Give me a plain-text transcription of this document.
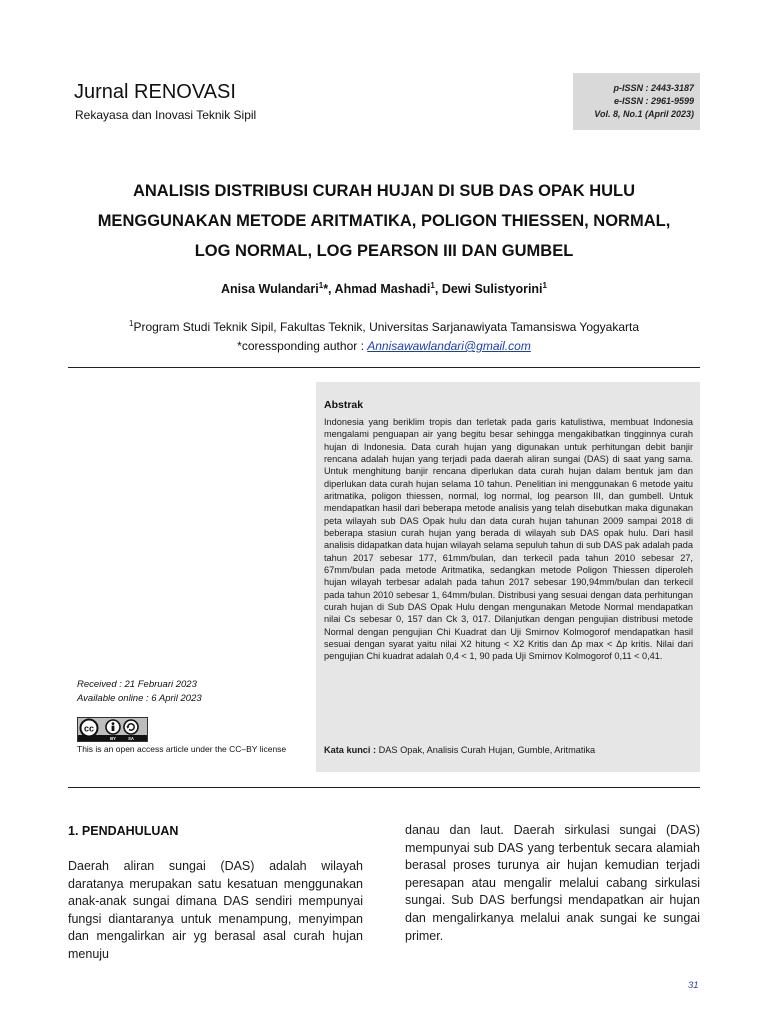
Jurnal RENOVASI
Rekayasa dan Inovasi Teknik Sipil
p-ISSN : 2443-3187
e-ISSN : 2961-9599
Vol. 8, No.1 (April 2023)
ANALISIS DISTRIBUSI CURAH HUJAN DI SUB DAS OPAK HULU
MENGGUNAKAN METODE ARITMATIKA, POLIGON THIESSEN, NORMAL,
LOG NORMAL, LOG PEARSON III DAN GUMBEL
Anisa Wulandari$^1$*, Ahmad Mashadi$^1$, Dewi Sulistyorini$^1$
$^1$Program Studi Teknik Sipil, Fakultas Teknik, Universitas Sarjanawiyata Tamansiswa Yogyakarta
*coressponding author : Annisawawlandari@gmail.com
Abstrak
Indonesia yang beriklim tropis dan terletak pada garis katulistiwa, membuat Indonesia mengalami penguapan air yang begitu besar sehingga mengakibatkan tingginnya curah hujan di Indonesia. Data curah hujan yang digunakan untuk perhitungan debit banjir rencana adalah hujan yang terjadi pada daerah aliran sungai (DAS) di saat yang sama. Untuk menghitung banjir rencana diperlukan data curah hujan dalam bentuk jam dan diperlukan data curah hujan selama 10 tahun. Penelitian ini menggunakan 6 metode yaitu aritmatika, poligon thiessen, normal, log normal, log pearson III, dan gumbell. Untuk mendapatkan hasil dari beberapa metode analisis yang telah disebutkan maka digunakan peta wilayah sub DAS Opak hulu dan data curah hujan tahunan 2009 sampai 2018 di beberapa stasiun curah hujan yang berada di wilayah sub DAS opak hulu. Dari hasil analisis didapatkan data hujan wilayah selama sepuluh tahun di sub DAS pak adalah pada tahun 2017 sebesar 177, 61mm/bulan, dan terkecil pada tahun 2010 sebesar 27, 67mm/bulan pada metode Aritmatika, sedangkan metode Poligon Thiessen diperoleh hujan wilayah terbesar adalah pada tahun 2017 sebesar 190,94mm/bulan dan terkecil pada tahun 2010 sebesar 1, 64mm/bulan. Distribusi yang sesuai dengan data perhitungan curah hujan di Sub DAS Opak Hulu dengan mengunakan Metode Normal mendapatkan nilai Cs sebesar 0, 157 dan Ck 3, 017. Dilanjutkan dengan pengujian distribusi metode Normal dengan pengujian Chi Kuadrat dan Uji Smirnov Kolmogorof mendapatkan hasil sesuai dengan syarat yaitu nilai X2 hitung < X2 Kritis dan Δp max < Δp kritis. Nilai dari pengujian Chi kuadrat adalah 0,4 < 1, 90 pada Uji Smirnov Kolmogorof 0,11 < 0,41.
Kata kunci : DAS Opak, Analisis Curah Hujan, Gumble, Aritmatika
Received : 21 Februari 2023
Available online : 6 April 2023
cc
BY	SA
This is an open access article under the CC–BY license
1. PENDAHULUAN
Daerah aliran sungai (DAS) adalah wilayah daratanya merupakan satu kesatuan menggunakan anak-anak sungai dimana DAS sendiri mempunyai fungsi diantaranya untuk menampung, menyimpan dan mengalirkan air yg berasal asal curah hujan menuju
danau dan laut. Daerah sirkulasi sungai (DAS) mempunyai sub DAS yang terbentuk secara alamiah berasal proses turunya air hujan kemudian terjadi peresapan atau mengalir melalui cabang sirkulasi sungai. Sub DAS berfungsi mendapatkan air hujan dan mengalirkanya melalui anak sungai ke sungai primer.
31
